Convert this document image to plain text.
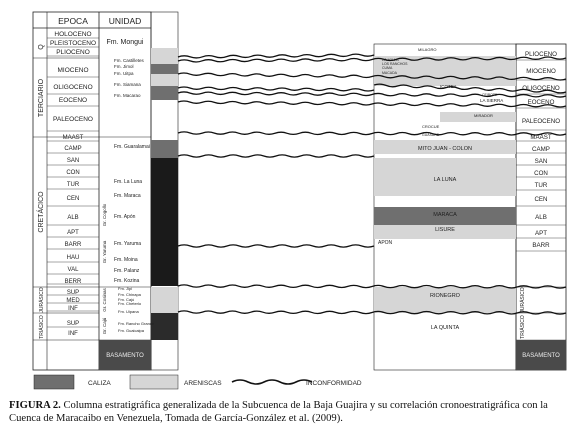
EPOCA UNIDAD
Q
TERCIARIO
CRETÁCICO
JURÁSICO
TRIÁSICO
HOLOCENO
PLEISTOCENO
PLIOCENO
MIOCENO
OLIGOCENO
EOCENO
PALEOCENO
MAAST
CAMP
SAN
CON
TUR
CEN
ALB
APT
BARR
HAU
VAL
BERR
SUP
MED
INF
SUP
INF
BASAMENTO
Fm. Mongui
Fm. Castilletes
Fm. Jimol
Fm. Uitpa
Fm. Siamana
Fm. Macarao
Fm. Guaralamai
Fm. La Luna
Fm. Maraca
Fm. Apón
Fm. Yaruma
Fm. Moina
Fm. Palanz
Fm. Kozina
Fm. Jipi
Fm. Chinapa
Fm. Cajú
Fm. Cheterlo
Fm. Uipana
Fm. Rancho Grande
Fm. Guaicaipa
Gr. Cogollo
Gr. Yaruma
Gr. Cosinas
Gr. Cajú
PLIOCENO
MIOCENO
OLIGOCENO
EOCENO
PALEOCENO
MAAST
CAMP
SAN
CON
TUR
CEN
ALB
APT
BARR
JURÁSICO
TRIÁSICO
BASAMENTO
MILAGRO
LA VILLA
LOS RANCHOS
CUMA
MACADA
ICOTEA
CEIBOTE
LA SIERRA
MIRADOR
CROCUE
GUASARE
MITO JUAN - COLON
LA LUNA
MARACA
LISURE
APON
RIONEGRO
LA QUINTA
CALIZA	ARENISCAS	INCONFORMIDAD
FIGURA 2. Columna estratigráfica generalizada de la Subcuenca de la Baja Guajira y su correlación cronoestratigráfica con la Cuenca de Maracaibo en Venezuela, Tomada de García-González et al. (2009).
